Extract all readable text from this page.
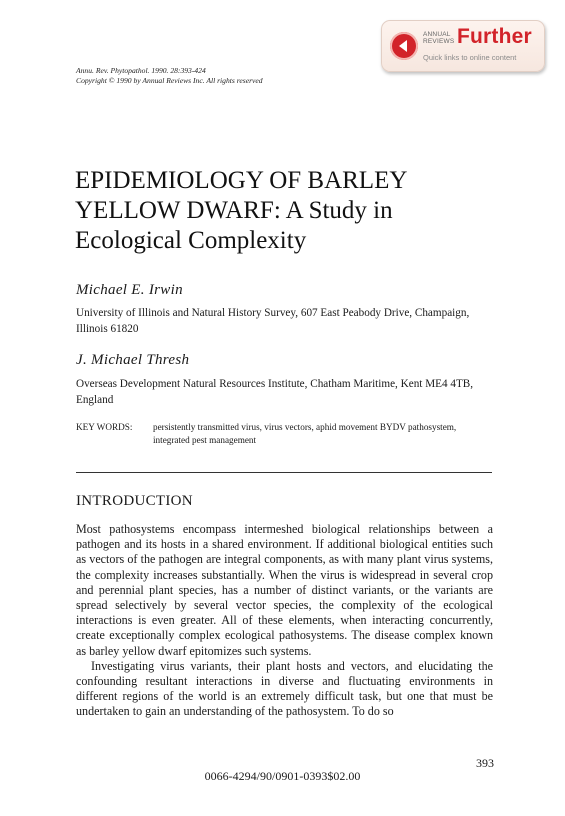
Annu. Rev. Phytopathol. 1990. 28:393-424
Copyright © 1990 by Annual Reviews Inc. All rights reserved
ANNUAL
REVIEWS Further
Quick links to online content
EPIDEMIOLOGY OF BARLEY
YELLOW DWARF: A Study in
Ecological Complexity
Michael E. Irwin

University of Illinois and Natural History Survey, 607 East Peabody Drive, Champaign, Illinois 61820

J. Michael Thresh

Overseas Development Natural Resources Institute, Chatham Maritime, Kent ME4 4TB, England

KEY WORDS: persistently transmitted virus, virus vectors, aphid movement BYDV pathosystem, integrated pest management
INTRODUCTION

Most pathosystems encompass intermeshed biological relationships between a pathogen and its hosts in a shared environment. If additional biological entities such as vectors of the pathogen are integral components, as with many plant virus systems, the complexity increases substantially. When the virus is widespread in several crop and perennial plant species, has a number of distinct variants, or the variants are spread selectively by several vector species, the complexity of the ecological interactions is even greater. All of these elements, when interacting concurrently, create exceptionally complex ecological pathosystems. The disease complex known as barley yellow dwarf epitomizes such systems.

Investigating virus variants, their plant hosts and vectors, and elucidating the confounding resultant interactions in diverse and fluctuating environments in different regions of the world is an extremely difficult task, but one that must be undertaken to gain an understanding of the pathosystem. To do so

393
0066-4294/90/0901-0393$02.00
